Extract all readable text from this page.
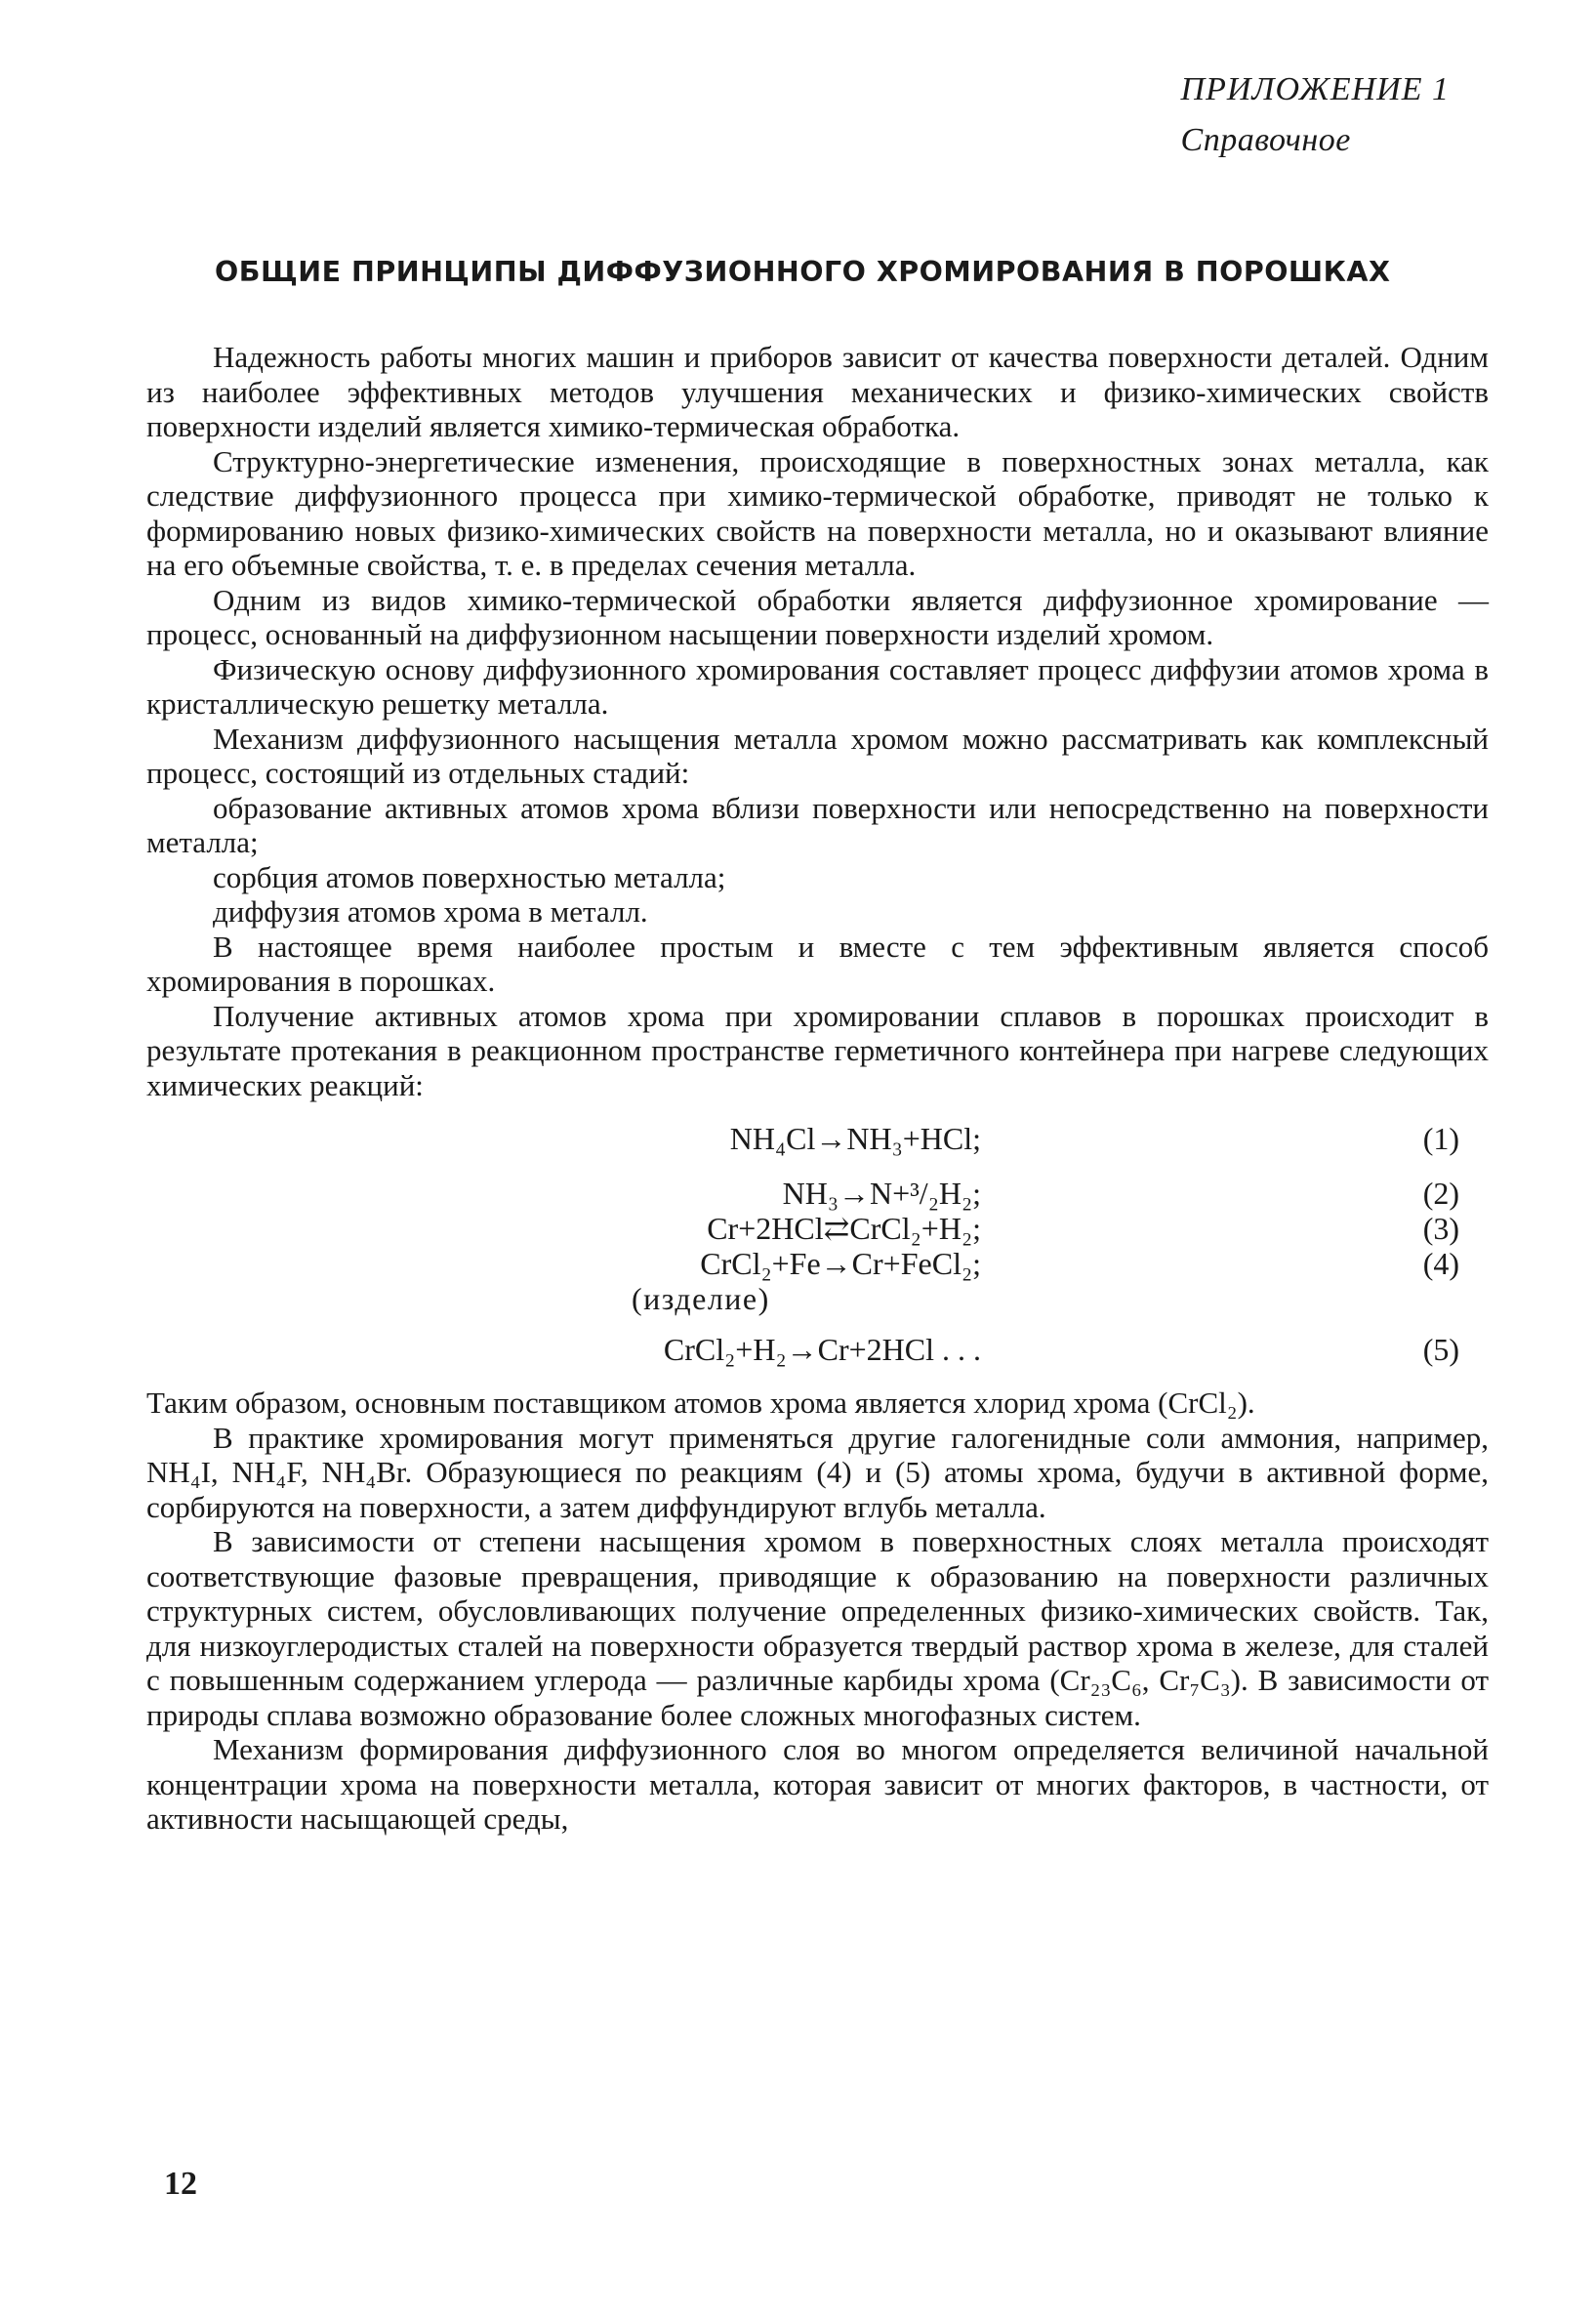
ПРИЛОЖЕНИЕ 1
Справочное
ОБЩИЕ ПРИНЦИПЫ ДИФФУЗИОННОГО ХРОМИРОВАНИЯ В ПОРОШКАХ

Надежность работы многих машин и приборов зависит от качества поверхности деталей. Одним из наиболее эффективных методов улучшения механических и физико-химических свойств поверхности изделий является химико-термическая обработка.

Структурно-энергетические изменения, происходящие в поверхностных зонах металла, как следствие диффузионного процесса при химико-термической обработке, приводят не только к формированию новых физико-химических свойств на поверхности металла, но и оказывают влияние на его объемные свойства, т. е. в пределах сечения металла.

Одним из видов химико-термической обработки является диффузионное хромирование — процесс, основанный на диффузионном насыщении поверхности изделий хромом.

Физическую основу диффузионного хромирования составляет процесс диффузии атомов хрома в кристаллическую решетку металла.

Механизм диффузионного насыщения металла хромом можно рассматривать как комплексный процесс, состоящий из отдельных стадий:

образование активных атомов хрома вблизи поверхности или непосредственно на поверхности металла;

сорбция атомов поверхностью металла;

диффузия атомов хрома в металл.

В настоящее время наиболее простым и вместе с тем эффективным является способ хромирования в порошках.

Получение активных атомов хрома при хромировании сплавов в порошках происходит в результате протекания в реакционном пространстве герметичного контейнера при нагреве следующих химических реакций:

NH₄Cl→NH₃+HCl;	(1)
NH₃→N+³/₂H₂;	(2)
Cr+2HCl⇄CrCl₂+H₂;	(3)
CrCl₂+Fe→Cr+FeCl₂;	(4)
(изделие)
CrCl₂+H₂→Cr+2HCl . . .	(5)

Таким образом, основным поставщиком атомов хрома является хлорид хрома (CrCl₂).

В практике хромирования могут применяться другие галогенидные соли аммония, например, NH₄I, NH₄F, NH₄Br. Образующиеся по реакциям (4) и (5) атомы хрома, будучи в активной форме, сорбируются на поверхности, а затем диффундируют вглубь металла.

В зависимости от степени насыщения хромом в поверхностных слоях металла происходят соответствующие фазовые превращения, приводящие к образованию на поверхности различных структурных систем, обусловливающих получение определенных физико-химических свойств. Так, для низкоуглеродистых сталей на поверхности образуется твердый раствор хрома в железе, для сталей с повышенным содержанием углерода — различные карбиды хрома (Cr₂₃C₆, Cr₇C₃). В зависимости от природы сплава возможно образование более сложных многофазных систем.

Механизм формирования диффузионного слоя во многом определяется величиной начальной концентрации хрома на поверхности металла, которая зависит от многих факторов, в частности, от активности насыщающей среды,

12
